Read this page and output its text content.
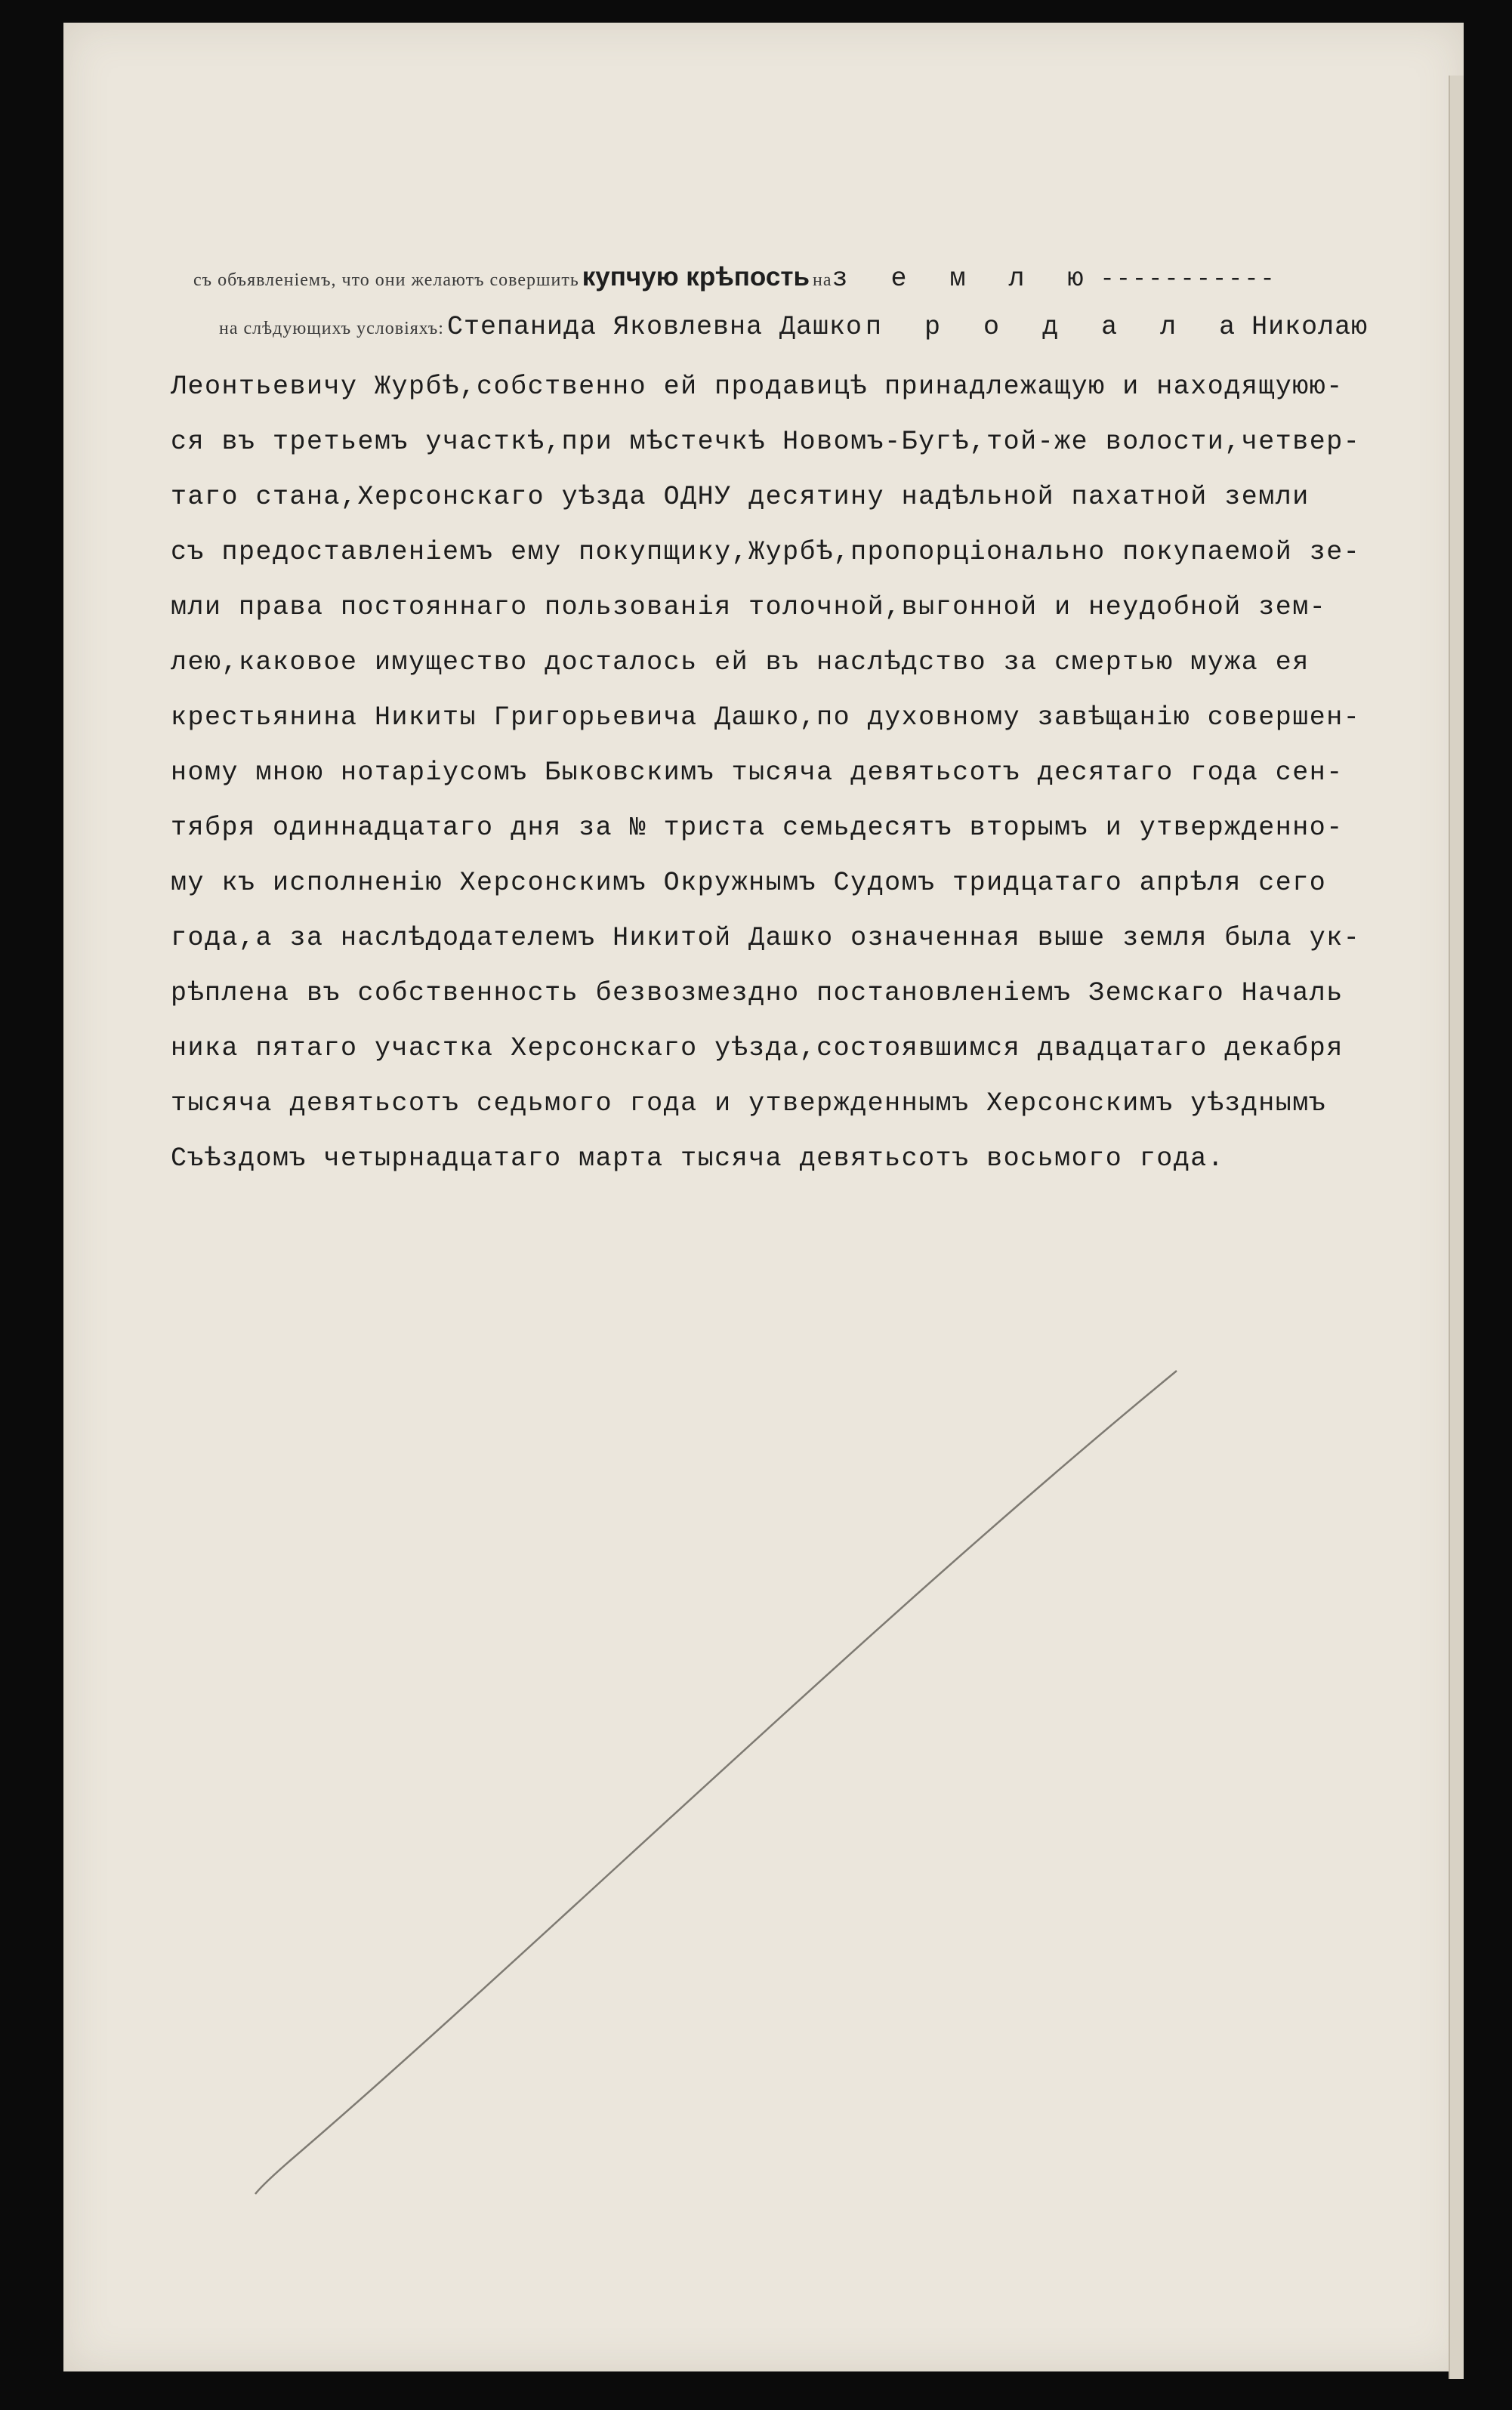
съ объявленіемъ, что они желаютъ совершить купчую крѣпость наз е м л ю -----------
на слѣдующихъ условіяхъ: Степанида Яковлевна Дашко п р о д а л а Николаю
Леонтьевичу Журбѣ,собственно ей продавицѣ принадлежащую и находящуюю-
ся въ третьемъ участкѣ,при мѣстечкѣ Новомъ-Бугѣ,той-же волости,четвер-
таго стана,Херсонскаго уѣзда ОДНУ десятину надѣльной пахатной земли
съ предоставленіемъ ему покупщику,Журбѣ,пропорціонально покупаемой зе-
мли права постояннаго пользованія толочной,выгонной и неудобной зем-
лею,каковое имущество досталось ей въ наслѣдство за смертью мужа ея
крестьянина Никиты Григорьевича Дашко,по духовному завѣщанію совершен-
ному мною нотаріусомъ Быковскимъ тысяча девятьсотъ десятаго года сен-
тября одиннадцатаго дня за № триста семьдесятъ вторымъ и утвержденно-
му къ исполненію Херсонскимъ Окружнымъ Судомъ тридцатаго апрѣля сего
года,а за наслѣдодателемъ Никитой Дашко означенная выше земля была ук-
рѣплена въ собственность безвозмездно постановленіемъ Земскаго Началь
ника пятаго участка Херсонскаго уѣзда,состоявшимся двадцатаго декабря
тысяча девятьсотъ седьмого года и утвержденнымъ Херсонскимъ уѣзднымъ
Съѣздомъ четырнадцатаго марта тысяча девятьсотъ восьмого года.
